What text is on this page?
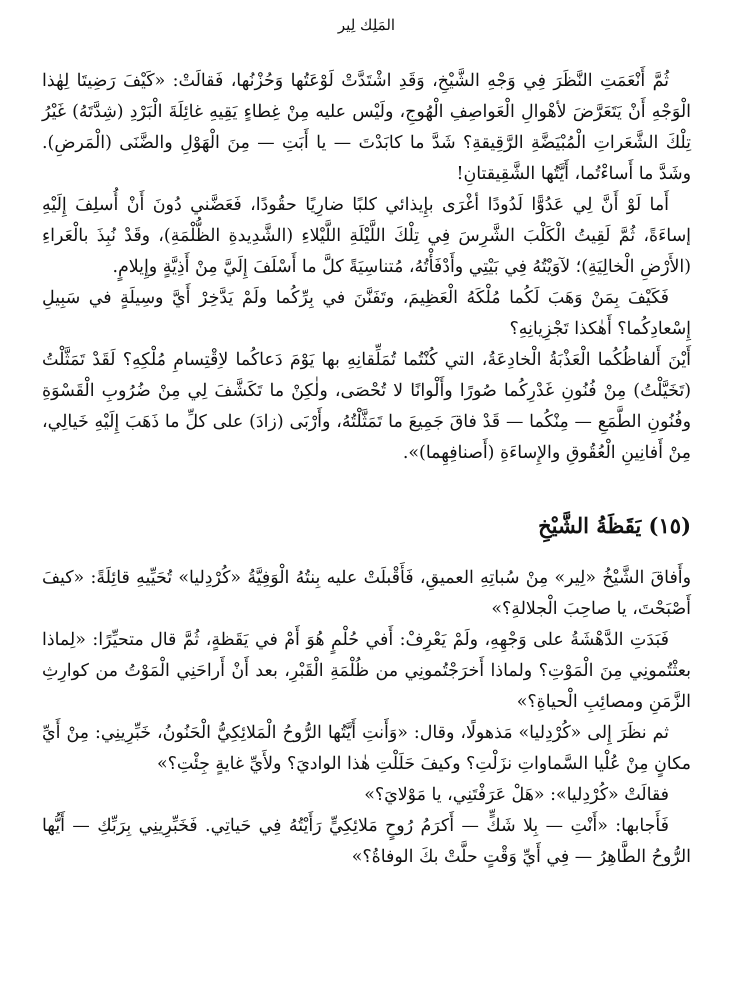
المَلِك لِير

ثُمَّ أَنْعَمَتِ النَّظَرَ فِي وَجْهِ الشَّيْخِ، وَقَدِ اشْتَدَّتْ لَوْعَتُها وَحُزْنُها، فَقالَتْ: «كَيْفَ رَضِيتَا لِهٰذا الْوَجْهِ أَنْ يَتَعَرَّضَ لأهْوالِ الْعَواصِفِ الْهُوجِ، ولَيْس عليه مِنْ غِطاءٍ يَقِيهِ غائِلَةَ الْبَرْدِ (شِدَّتَهُ) غَيْرُ تِلْكَ الشَّعَراتِ الْمُبْيَضَّةِ الرَّقِيقةِ؟ شَدَّ ما كابَدْتَ — يا أَبَتِ — مِنَ الْهَوْلِ والضَّنَى (الْمَرضِ). وشَدَّ ما أَساءْتُما، أَيَّتُها الشَّقِيقتانِ!

أَما لَوْ أَنَّ لِي عَدُوًّا لَدُودًا أغْرَى بإِيذائي كلبًا ضارِيًا حقُودًا، فَعَضَّني دُونَ أَنْ أُسلِفَ إِلَيْهِ إساءَةً، ثُمَّ لَقِيتُ الْكَلْبَ الشَّرِسَ فِي تِلْكَ اللَّيْلَةِ اللَّيْلاءِ (الشَّدِيدةِ الظُّلْمَةِ)، وقَدْ نُبِذَ بالْعَراءِ (الأَرْضِ الْخالِيَةِ)؛ لآوَيْتُهُ فِي بَيْتِي وأَدْفَأْتُهُ، مُتناسِيَةً كلَّ ما أَسْلَفَ إِلَيَّ مِنْ أَذِيَّةٍ وإِيلامٍ.

فَكَيْفَ بِمَنْ وَهَبَ لَكُما مُلْكَهُ الْعَظِيمَ، وتَفَنَّنَ في بِرِّكُما ولَمْ يَدَّخِرْ أَيَّ وسِيلَةٍ في سَبِيلِ إِسْعادِكُما؟ أَهٰكذا تَجْزِيانِهِ؟

أَيْنَ أَلفاظُكُما الْعَذْبَةُ الْخادِعَةُ، التي كُنْتُما تُمَلِّقانِهِ بها يَوْمَ دَعاكُما لاِقْتِسامِ مُلْكِهِ؟ لَقَدْ تَمَثَّلْتُ (تَخَيَّلْتُ) مِنْ فُنُونِ غَدْرِكُما صُورًا وأَلْوانًا لا تُحْصَى، ولٰكِنْ ما تَكَشَّفَ لِي مِنْ ضُرُوبِ الْقَسْوَةِ وفُنُونِ الطَّمَعِ — مِنْكُما — قَدْ فاقَ جَمِيعَ ما تَمَثَّلْتُهُ، وأَرْبَى (زادَ) على كلِّ ما ذَهَبَ إِلَيْهِ خَيالِي، مِنْ أَفانِينِ الْعُقُوقِ والإِساءَةِ (أَصنافِهِما)».

(١٥) يَقَظَةُ الشَّيْخِ

وأَفاقَ الشَّيْخُ «لِير» مِنْ سُباتِهِ العميقِ، فَأَقْبلَتْ عليه بِنتُهُ الْوَفِيَّةُ «كُرْدِليا» تُحَيِّيهِ قائِلَةً: «كيفَ أَصْبَحْتَ، يا صاحِبَ الْجلالةِ؟»

فَبَدَتِ الدَّهْشَةُ على وَجْهِهِ، ولَمْ يَعْرِفْ: أَفي حُلْمٍ هُوَ أَمْ في يَقَظةٍ، ثُمَّ قال متحيِّرًا: «لِماذا بعثْتُمونِي مِنَ الْمَوْتِ؟ ولماذا أَخرَجْتُمونِي من ظُلْمَةِ الْقَبْرِ، بعد أَنْ أَراحَنِي الْمَوْتُ من كوارِثِ الزَّمَنِ ومصائِبِ الْحياةِ؟»

ثم نظَرَ إِلى «كُرْدِليا» مَذهولًا، وقال: «وَأَنتِ أَيَّتُها الرُّوحُ الْمَلائِكِيُّ الْحَنُونُ، خَبِّرِينِي: مِنْ أَيِّ مكانٍ مِنْ عُلْيا السَّماواتِ نزَلْتِ؟ وكيفَ حَلَلْتِ هٰذا الواديَ؟ ولأَيِّ غايةٍ جِئْتِ؟»

فقالَتْ «كُرْدِليا»: «هَلْ عَرَفْتَنِي، يا مَوْلايَ؟»

فَأَجابها: «أَنْتِ — بِلا شَكٍّ — أَكرَمُ رُوحٍ مَلائِكِيٍّ رَأَيْتُهُ فِي حَياتِي. فَخَبِّرِينِي بِرَبِّكِ — أَيُّها الرُّوحُ الطَّاهِرُ — فِي أَيِّ وَقْتٍ حلَّتْ بكَ الوفاةُ؟»
